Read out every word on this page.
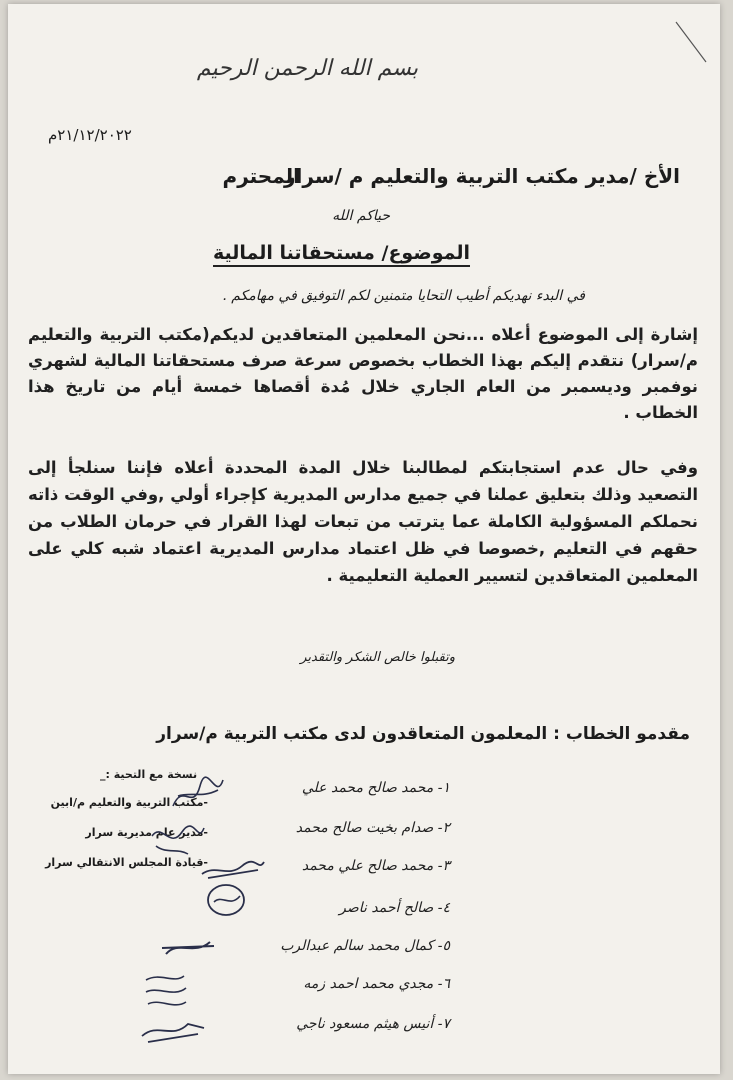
بسم الله الرحمن الرحيم
٢١/١٢/٢٠٢٢م
الأخ /مدير مكتب التربية والتعليم م /سرار
المحترم
حياكم الله
الموضوع/ مستحقاتنا المالية
في البدء نهديكم أطيب التحايا متمنين لكم التوفيق في مهامكم .
إشارة إلى الموضوع أعلاه ...نحن المعلمين المتعاقدين لديكم(مكتب التربية والتعليم م/سرار) نتقدم إليكم بهذا الخطاب بخصوص سرعة صرف مستحقاتنا المالية لشهري نوفمبر وديسمبر من العام الجاري خلال مُدة أقصاها خمسة أيام من تاريخ هذا الخطاب .
وفي حال عدم استجابتكم لمطالبنا خلال المدة المحددة أعلاه فإننا سنلجأ إلى التصعيد وذلك بتعليق عملنا في جميع مدارس المديرية كإجراء أولي ,وفي الوقت ذاته نحملكم المسؤولية الكاملة عما يترتب من تبعات لهذا القرار في حرمان الطلاب من حقهم في التعليم ,خصوصا في ظل اعتماد مدارس المديرية اعتماد شبه كلي على المعلمين المتعاقدين لتسيير العملية التعليمية .
وتقبلوا خالص الشكر والتقدير
مقدمو الخطاب : المعلمون المتعاقدون لدى مكتب التربية م/سرار
نسخة مع التحية :_
-مكتب التربية والتعليم م/ابين
-مدير عام مديرية سرار
-قيادة المجلس الانتقالي سرار
١- محمد صالح محمد علي
٢- صدام بخيت صالح محمد
٣- محمد صالح علي محمد
٤- صالح أحمد ناصر
٥- كمال محمد سالم عبدالرب
٦- مجدي محمد احمد زمه
٧- أنيس هيثم مسعود ناجي
